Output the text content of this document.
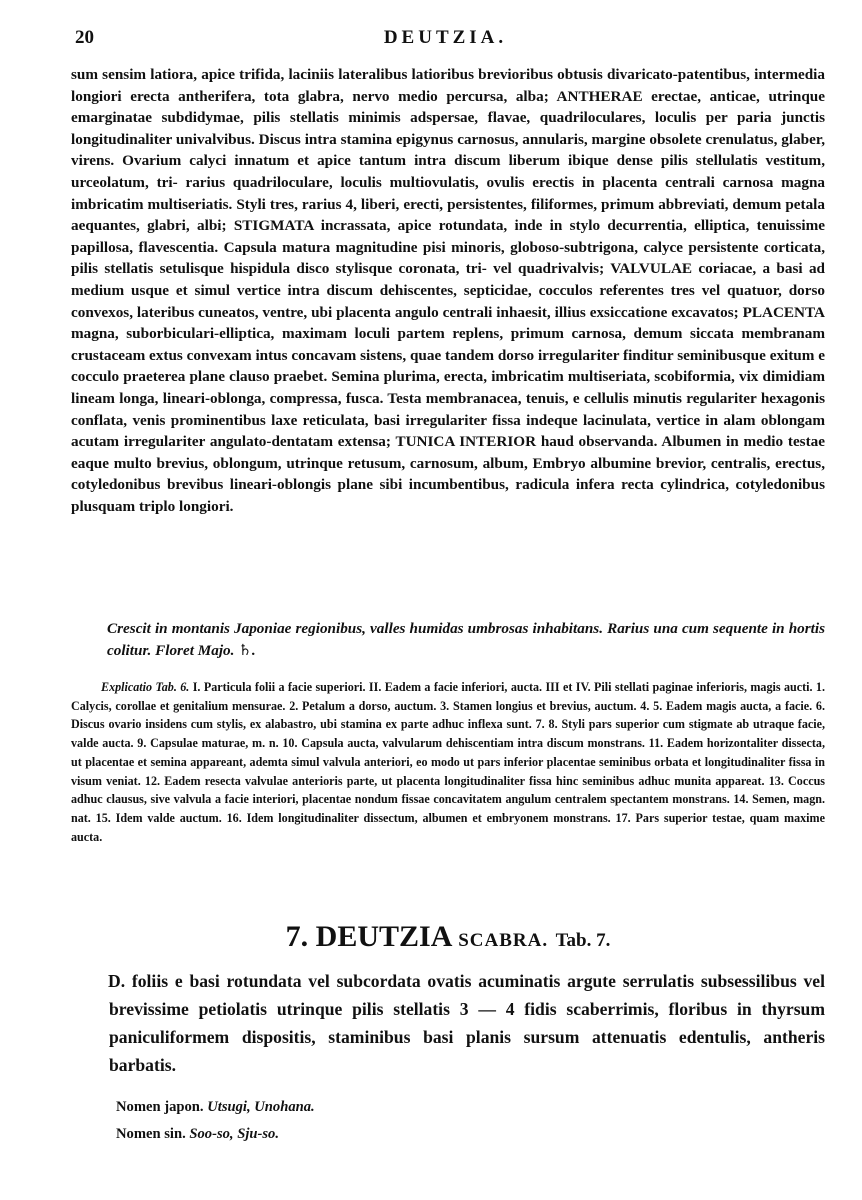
20	DEUTZIA.

sum sensim latiora, apice trifida, laciniis lateralibus latioribus brevioribus obtusis divaricato-patentibus, intermedia longiori erecta antherifera, tota glabra, nervo medio percursa, alba; ANTHERAE erectae, anticae, utrinque emarginatae subdidymae, pilis stellatis minimis adspersae, flavae, quadriloculares, loculis per paria junctis longitudinaliter univalvibus. Discus intra stamina epigynus carnosus, annularis, margine obsolete crenulatus, glaber, virens. Ovarium calyci innatum et apice tantum intra discum liberum ibique dense pilis stellulatis vestitum, urceolatum, tri- rarius quadriloculare, loculis multiovulatis, ovulis erectis in placenta centrali carnosa magna imbricatim multiseriatis. Styli tres, rarius 4, liberi, erecti, persistentes, filiformes, primum abbreviati, demum petala aequantes, glabri, albi; STIGMATA incrassata, apice rotundata, inde in stylo decurrentia, elliptica, tenuissime papillosa, flavescentia. Capsula matura magnitudine pisi minoris, globoso-subtrigona, calyce persistente corticata, pilis stellatis setulisque hispidula disco stylisque coronata, tri- vel quadrivalvis; VALVULAE coriacae, a basi ad medium usque et simul vertice intra discum dehiscentes, septicidae, cocculos referentes tres vel quatuor, dorso convexos, lateribus cuneatos, ventre, ubi placenta angulo centrali inhaesit, illius exsiccatione excavatos; PLACENTA magna, suborbiculari-elliptica, maximam loculi partem replens, primum carnosa, demum siccata membranam crustaceam extus convexam intus concavam sistens, quae tandem dorso irregulariter finditur seminibusque exitum e cocculo praeterea plane clauso praebet. Semina plurima, erecta, imbricatim multiseriata, scobiformia, vix dimidiam lineam longa, lineari-oblonga, compressa, fusca. Testa membranacea, tenuis, e cellulis minutis regulariter hexagonis conflata, venis prominentibus laxe reticulata, basi irregulariter fissa indeque lacinulata, vertice in alam oblongam acutam irregulariter angulato-dentatam extensa; TUNICA INTERIOR haud observanda. Albumen in medio testae eaque multo brevius, oblongum, utrinque retusum, carnosum, album, Embryo albumine brevior, centralis, erectus, cotyledonibus brevibus lineari-oblongis plane sibi incumbentibus, radicula infera recta cylindrica, cotyledonibus plusquam triplo longiori.

Crescit in montanis Japoniae regionibus, valles humidas umbrosas inhabitans. Rarius una cum sequente in hortis colitur. Floret Majo. ♄.

Explicatio Tab. 6. I. Particula folii a facie superiori. II. Eadem a facie inferiori, aucta. III et IV. Pili stellati paginae inferioris, magis aucti. 1. Calycis, corollae et genitalium mensurae. 2. Petalum a dorso, auctum. 3. Stamen longius et brevius, auctum. 4. 5. Eadem magis aucta, a facie. 6. Discus ovario insidens cum stylis, ex alabastro, ubi stamina ex parte adhuc inflexa sunt. 7. 8. Styli pars superior cum stigmate ab utraque facie, valde aucta. 9. Capsulae maturae, m. n. 10. Capsula aucta, valvularum dehiscentiam intra discum monstrans. 11. Eadem horizontaliter dissecta, ut placentae et semina appareant, ademta simul valvula anteriori, eo modo ut pars inferior placentae seminibus orbata et longitudinaliter fissa in visum veniat. 12. Eadem resecta valvulae anterioris parte, ut placenta longitudinaliter fissa hinc seminibus adhuc munita appareat. 13. Coccus adhuc clausus, sive valvula a facie interiori, placentae nondum fissae concavitatem angulum centralem spectantem monstrans. 14. Semen, magn. nat. 15. Idem valde auctum. 16. Idem longitudinaliter dissectum, albumen et embryonem monstrans. 17. Pars superior testae, quam maxime aucta.

7. DEUTZIA SCABRA. Tab. 7.

D. foliis e basi rotundata vel subcordata ovatis acuminatis argute serrulatis subsessilibus vel brevissime petiolatis utrinque pilis stellatis 3 — 4 fidis scaberrimis, floribus in thyrsum paniculiformem dispositis, staminibus basi planis sursum attenuatis edentulis, antheris barbatis.

Nomen japon. Utsugi, Unohana.
Nomen sin. Soo-so, Sju-so.
